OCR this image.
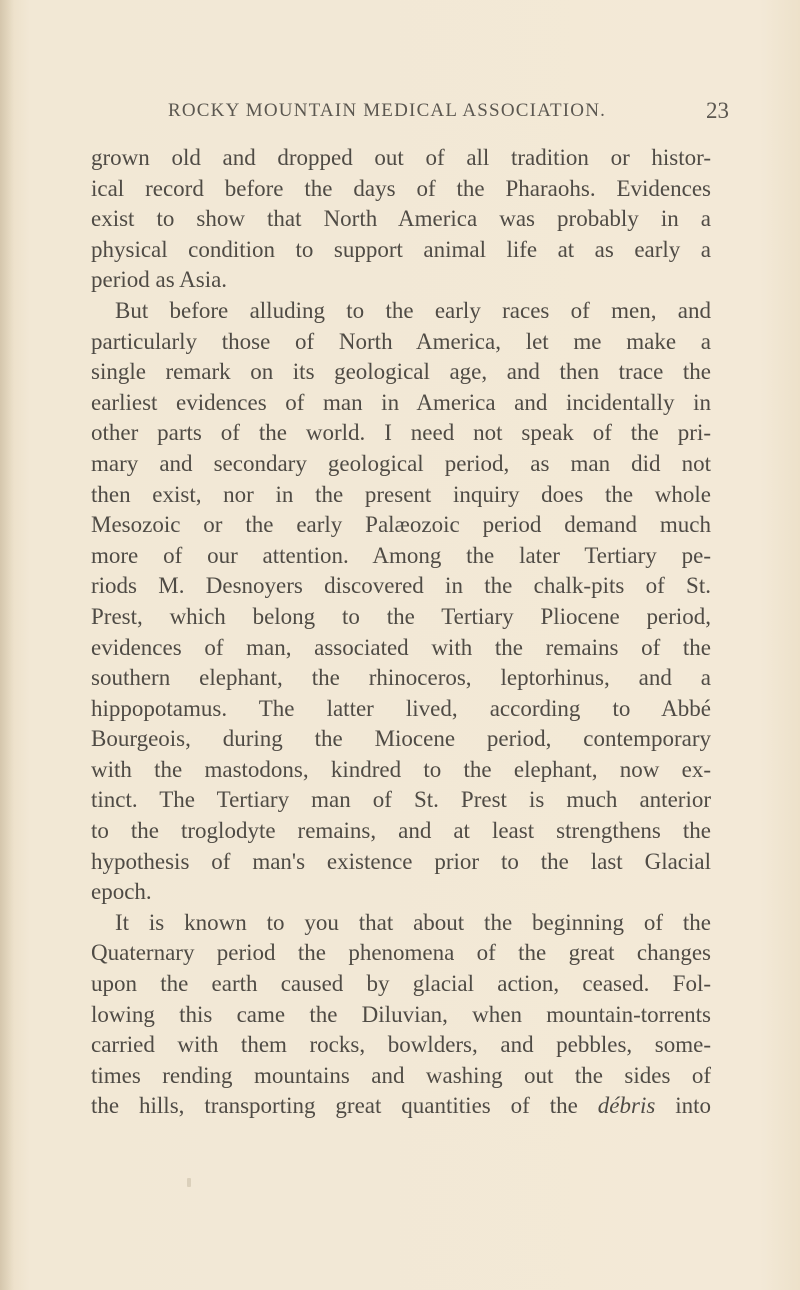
ROCKY MOUNTAIN MEDICAL ASSOCIATION.	23
grown old and dropped out of all tradition or histor-
ical record before the days of the Pharaohs. Evidences
exist to show that North America was probably in a
physical condition to support animal life at as early a
period as Asia.
But before alluding to the early races of men, and
particularly those of North America, let me make a
single remark on its geological age, and then trace the
earliest evidences of man in America and incidentally in
other parts of the world. I need not speak of the pri-
mary and secondary geological period, as man did not
then exist, nor in the present inquiry does the whole
Mesozoic or the early Palæozoic period demand much
more of our attention. Among the later Tertiary pe-
riods M. Desnoyers discovered in the chalk-pits of St.
Prest, which belong to the Tertiary Pliocene period,
evidences of man, associated with the remains of the
southern elephant, the rhinoceros, leptorhinus, and a
hippopotamus. The latter lived, according to Abbé
Bourgeois, during the Miocene period, contemporary
with the mastodons, kindred to the elephant, now ex-
tinct. The Tertiary man of St. Prest is much anterior
to the troglodyte remains, and at least strengthens the
hypothesis of man's existence prior to the last Glacial
epoch.
It is known to you that about the beginning of the
Quaternary period the phenomena of the great changes
upon the earth caused by glacial action, ceased. Fol-
lowing this came the Diluvian, when mountain-torrents
carried with them rocks, bowlders, and pebbles, some-
times rending mountains and washing out the sides of
the hills, transporting great quantities of the débris into
